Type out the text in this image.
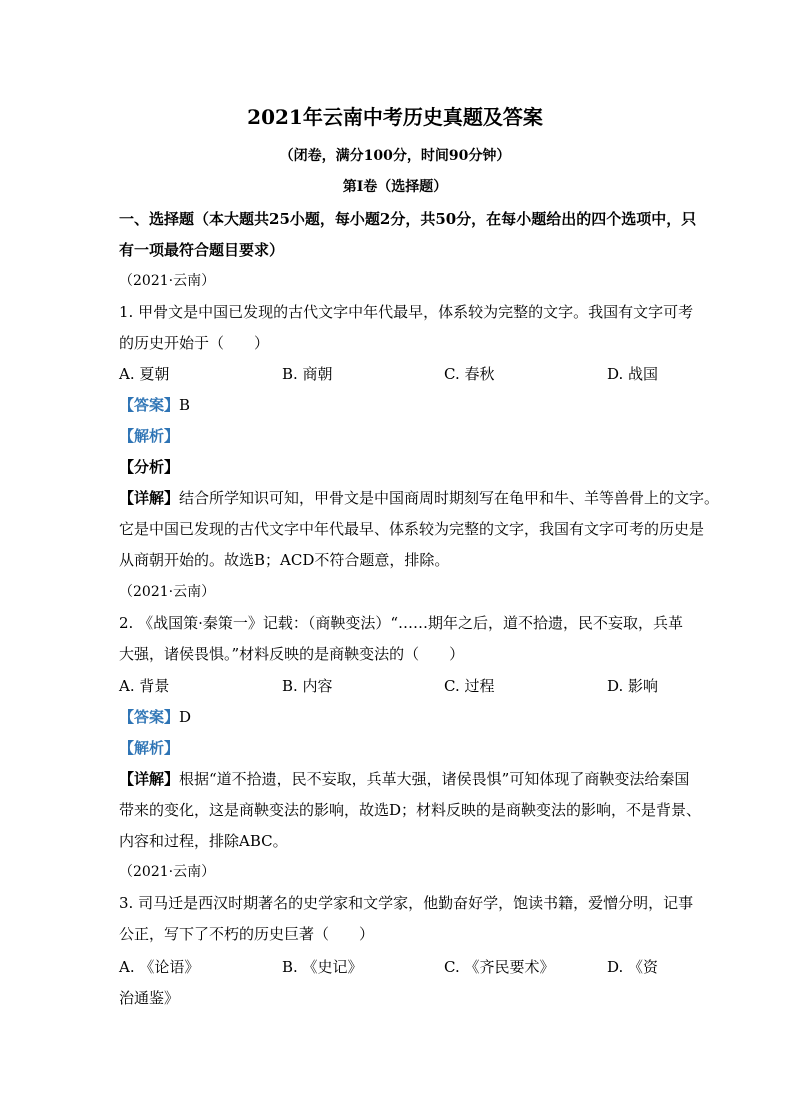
2021年云南中考历史真题及答案
（闭卷，满分100分，时间90分钟）
第Ⅰ卷（选择题）
一、选择题（本大题共25小题，每小题2分，共50分，在每小题给出的四个选项中，只
有一项最符合题目要求）
（2021·云南）
1. 甲骨文是中国已发现的古代文字中年代最早，体系较为完整的文字。我国有文字可考
的历史开始于（　　）
A. 夏朝	B. 商朝	C. 春秋	D. 战国
【答案】B
【解析】
【分析】
【详解】结合所学知识可知，甲骨文是中国商周时期刻写在龟甲和牛、羊等兽骨上的文字。
它是中国已发现的古代文字中年代最早、体系较为完整的文字，我国有文字可考的历史是
从商朝开始的。故选B；ACD不符合题意，排除。
（2021·云南）
2. 《战国策·秦策一》记载：（商鞅变法）“……期年之后，道不拾遗，民不妄取，兵革
大强，诸侯畏惧。”材料反映的是商鞅变法的（　　）
A. 背景	B. 内容	C. 过程	D. 影响
【答案】D
【解析】
【详解】根据“道不拾遗，民不妄取，兵革大强，诸侯畏惧”可知体现了商鞅变法给秦国
带来的变化，这是商鞅变法的影响，故选D；材料反映的是商鞅变法的影响，不是背景、
内容和过程，排除ABC。
（2021·云南）
3. 司马迁是西汉时期著名的史学家和文学家，他勤奋好学，饱读书籍，爱憎分明，记事
公正，写下了不朽的历史巨著（　　）
A. 《论语》	B. 《史记》	C. 《齐民要术》	D. 《资
治通鉴》
